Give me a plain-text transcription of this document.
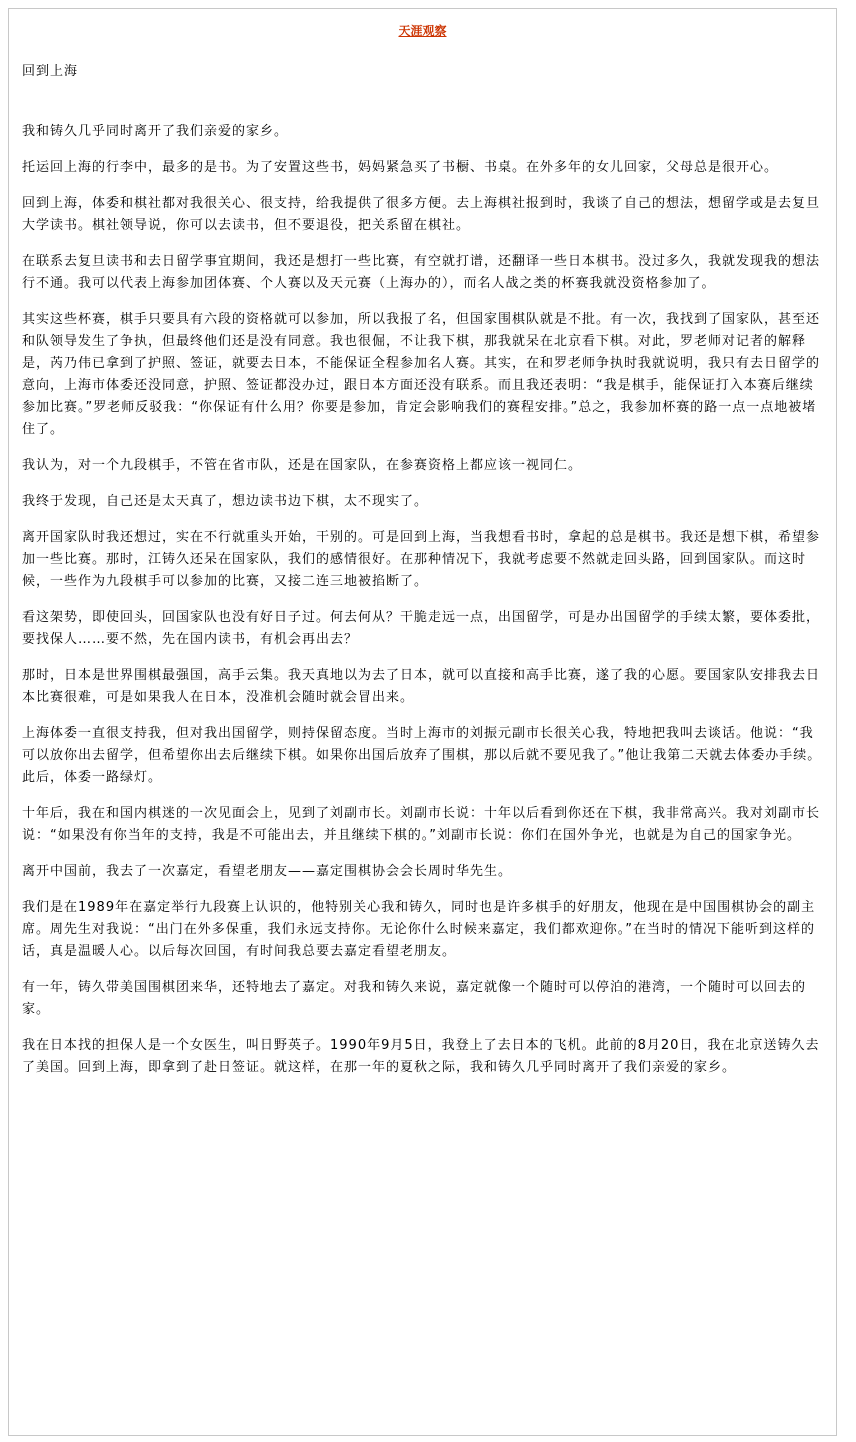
天涯观察
回到上海

我和铸久几乎同时离开了我们亲爱的家乡。

托运回上海的行李中，最多的是书。为了安置这些书，妈妈紧急买了书橱、书桌。在外多年的女儿回家，父母总是很开心。

回到上海，体委和棋社都对我很关心、很支持，给我提供了很多方便。去上海棋社报到时，我谈了自己的想法，想留学或是去复旦大学读书。棋社领导说，你可以去读书，但不要退役，把关系留在棋社。

在联系去复旦读书和去日留学事宜期间，我还是想打一些比赛，有空就打谱，还翻译一些日本棋书。没过多久，我就发现我的想法行不通。我可以代表上海参加团体赛、个人赛以及天元赛（上海办的），而名人战之类的杯赛我就没资格参加了。

其实这些杯赛，棋手只要具有六段的资格就可以参加，所以我报了名，但国家围棋队就是不批。有一次，我找到了国家队，甚至还和队领导发生了争执，但最终他们还是没有同意。我也很倔，不让我下棋，那我就呆在北京看下棋。对此，罗老师对记者的解释是，芮乃伟已拿到了护照、签证，就要去日本，不能保证全程参加名人赛。其实，在和罗老师争执时我就说明，我只有去日留学的意向，上海市体委还没同意，护照、签证都没办过，跟日本方面还没有联系。而且我还表明：“我是棋手，能保证打入本赛后继续参加比赛。”罗老师反驳我：“你保证有什么用？你要是参加，肯定会影响我们的赛程安排。”总之，我参加杯赛的路一点一点地被堵住了。

我认为，对一个九段棋手，不管在省市队，还是在国家队，在参赛资格上都应该一视同仁。

我终于发现，自己还是太天真了，想边读书边下棋，太不现实了。

离开国家队时我还想过，实在不行就重头开始，干别的。可是回到上海，当我想看书时，拿起的总是棋书。我还是想下棋，希望参加一些比赛。那时，江铸久还呆在国家队，我们的感情很好。在那种情况下，我就考虑要不然就走回头路，回到国家队。而这时候，一些作为九段棋手可以参加的比赛，又接二连三地被掐断了。

看这架势，即使回头，回国家队也没有好日子过。何去何从？干脆走远一点，出国留学，可是办出国留学的手续太繁，要体委批，要找保人……要不然，先在国内读书，有机会再出去？

那时，日本是世界围棋最强国，高手云集。我天真地以为去了日本，就可以直接和高手比赛，遂了我的心愿。要国家队安排我去日本比赛很难，可是如果我人在日本，没准机会随时就会冒出来。

上海体委一直很支持我，但对我出国留学，则持保留态度。当时上海市的刘振元副市长很关心我，特地把我叫去谈话。他说：“我可以放你出去留学，但希望你出去后继续下棋。如果你出国后放弃了围棋，那以后就不要见我了。”他让我第二天就去体委办手续。此后，体委一路绿灯。

十年后，我在和国内棋迷的一次见面会上，见到了刘副市长。刘副市长说：十年以后看到你还在下棋，我非常高兴。我对刘副市长说：“如果没有你当年的支持，我是不可能出去，并且继续下棋的。”刘副市长说：你们在国外争光，也就是为自己的国家争光。

离开中国前，我去了一次嘉定，看望老朋友——嘉定围棋协会会长周时华先生。

我们是在1989年在嘉定举行九段赛上认识的，他特别关心我和铸久，同时也是许多棋手的好朋友，他现在是中国围棋协会的副主席。周先生对我说：“出门在外多保重，我们永远支持你。无论你什么时候来嘉定，我们都欢迎你。”在当时的情况下能听到这样的话，真是温暖人心。以后每次回国，有时间我总要去嘉定看望老朋友。

有一年，铸久带美国围棋团来华，还特地去了嘉定。对我和铸久来说，嘉定就像一个随时可以停泊的港湾，一个随时可以回去的家。

我在日本找的担保人是一个女医生，叫日野英子。1990年9月5日，我登上了去日本的飞机。此前的8月20日，我在北京送铸久去了美国。回到上海，即拿到了赴日签证。就这样，在那一年的夏秋之际，我和铸久几乎同时离开了我们亲爱的家乡。
